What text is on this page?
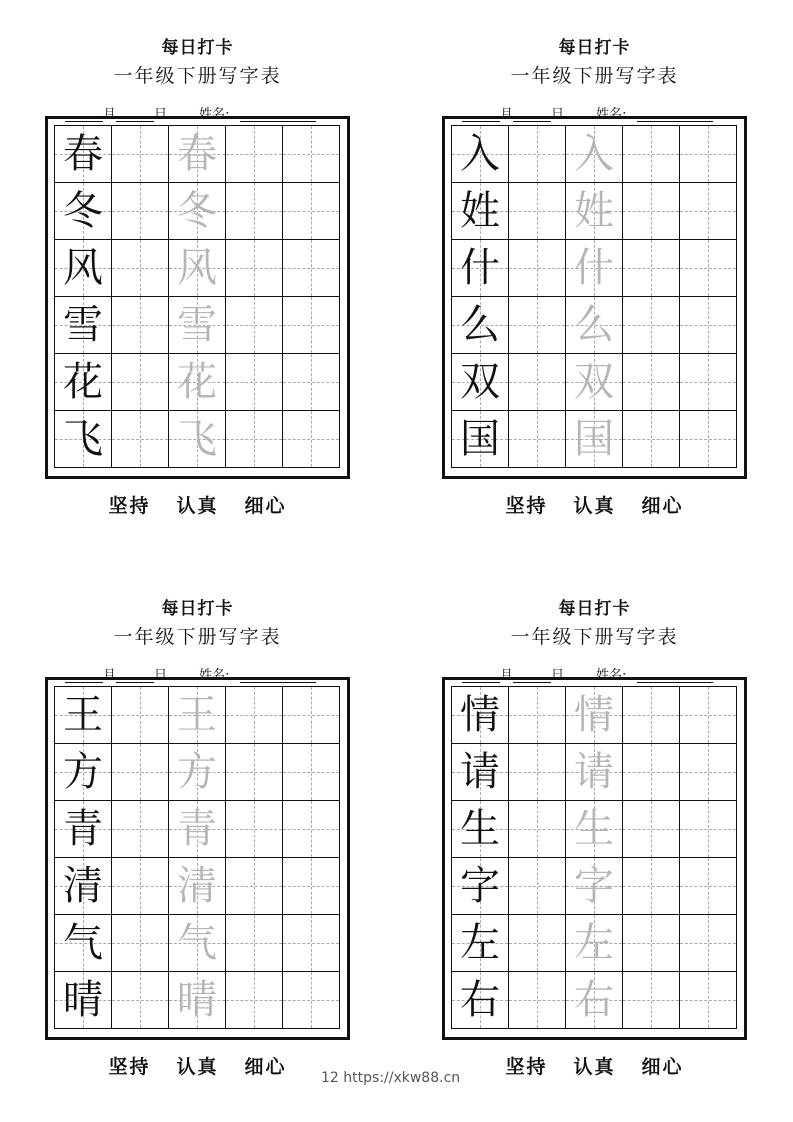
每日打卡
一年级下册写字表
月	日 姓名:
春 春
冬 冬
风 风
雪 雪
花 花
飞 飞
坚持 认真 细心
每日打卡
一年级下册写字表
月	日 姓名:
入 入
姓 姓
什 什
么 么
双 双
国 国
坚持 认真 细心
每日打卡
一年级下册写字表
月	日 姓名:
王 王
方 方
青 青
清 清
气 气
晴 晴
坚持 认真 细心
每日打卡
一年级下册写字表
月	日 姓名:
情 情
请 请
生 生
字 字
左 左
右 右
坚持 认真 细心
12 https://xkw88.cn
